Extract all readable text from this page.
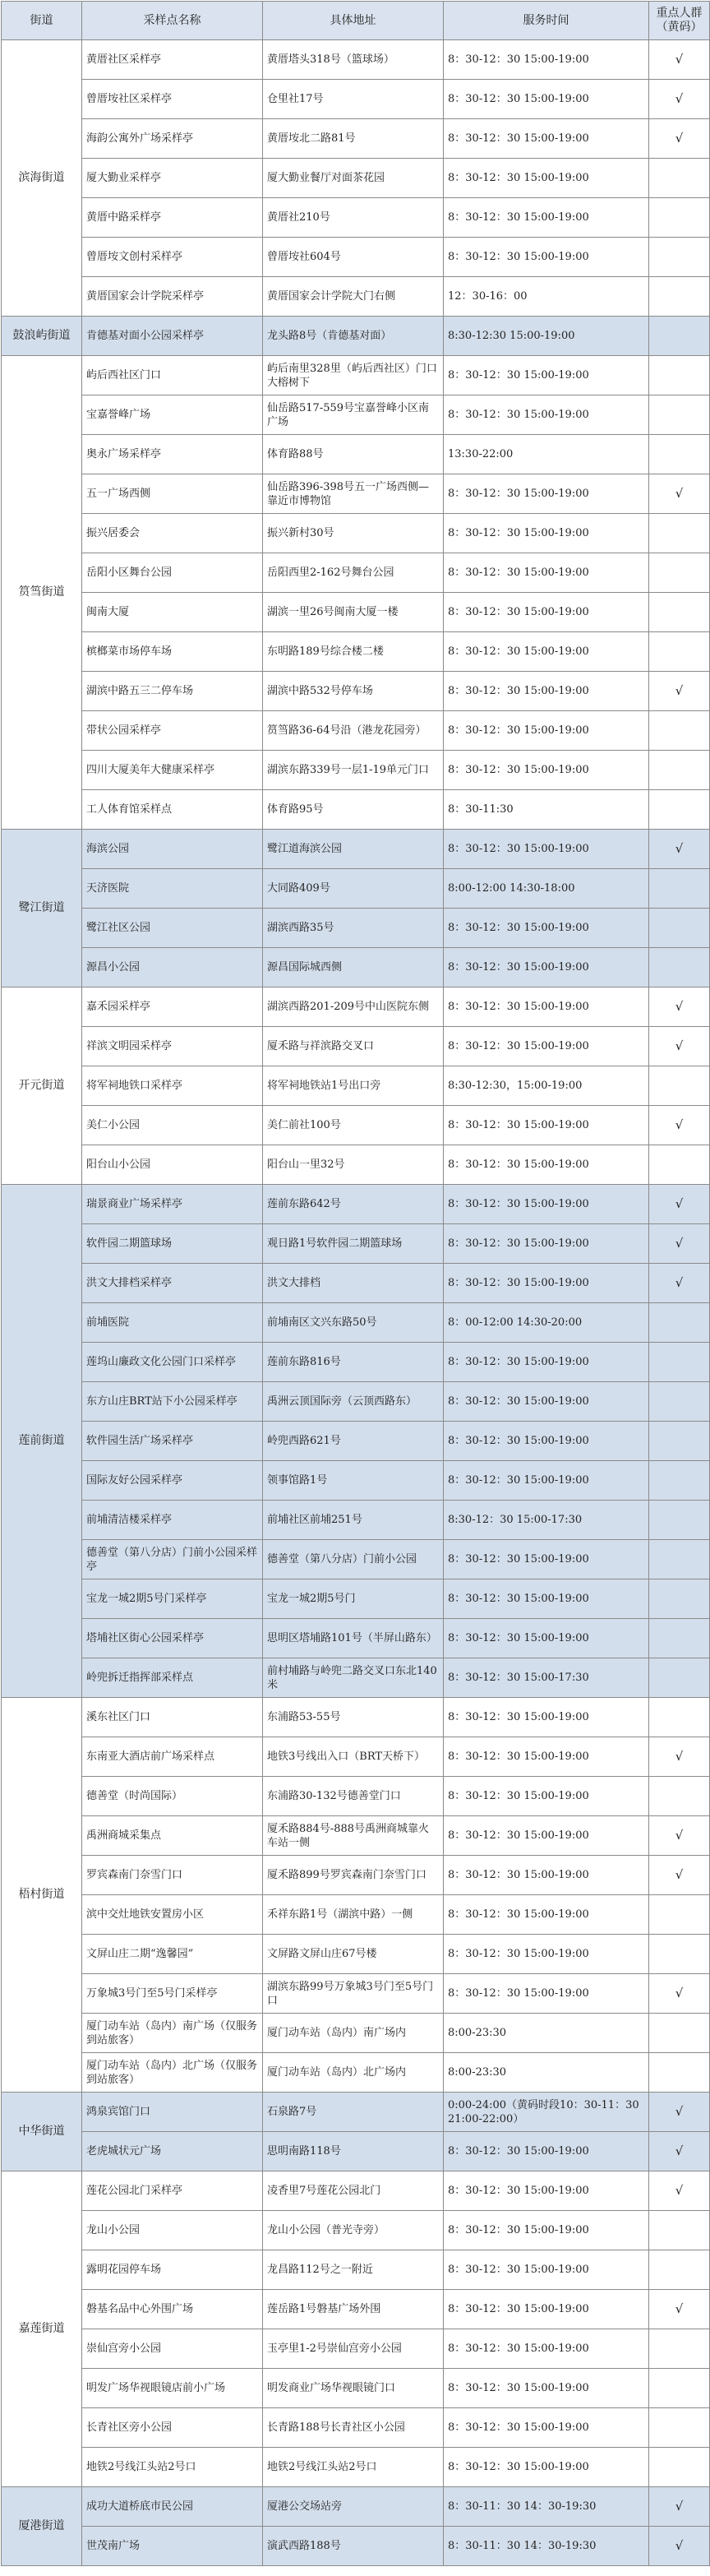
街道	采样点名称	具体地址	服务时间	重点人群（黄码）
滨海街道	黄厝社区采样亭	黄厝塔头318号（篮球场）	8：30-12：30 15:00-19:00	√
	曾厝垵社区采样亭	仓里社17号	8：30-12：30 15:00-19:00	√
	海韵公寓外广场采样亭	黄厝垵北二路81号	8：30-12：30 15:00-19:00	√
	厦大勤业采样亭	厦大勤业餐厅对面茶花园	8：30-12：30 15:00-19:00	
	黄厝中路采样亭	黄厝社210号	8：30-12：30 15:00-19:00	
	曾厝垵文创村采样亭	曾厝垵社604号	8：30-12：30 15:00-19:00	
	黄厝国家会计学院采样亭	黄厝国家会计学院大门右侧	12：30-16：00	
鼓浪屿街道	肯德基对面小公园采样亭	龙头路8号（肯德基对面）	8:30-12:30 15:00-19:00	
筼筜街道	屿后西社区门口	屿后南里328里（屿后西社区）门口大榕树下	8：30-12：30 15:00-19:00	
	宝嘉誉峰广场	仙岳路517-559号宝嘉誉峰小区南广场	8：30-12：30 15:00-19:00	
	奥永广场采样亭	体育路88号	13:30-22:00	
	五一广场西侧	仙岳路396-398号五一广场西侧—靠近市博物馆	8：30-12：30 15:00-19:00	√
	振兴居委会	振兴新村30号	8：30-12：30 15:00-19:00	
	岳阳小区舞台公园	岳阳西里2-162号舞台公园	8：30-12：30 15:00-19:00	
	闽南大厦	湖滨一里26号闽南大厦一楼	8：30-12：30 15:00-19:00	
	槟榔菜市场停车场	东明路189号综合楼二楼	8：30-12：30 15:00-19:00	
	湖滨中路五三二停车场	湖滨中路532号停车场	8：30-12：30 15:00-19:00	√
	带状公园采样亭	筼筜路36-64号沿（港龙花园旁）	8：30-12：30 15:00-19:00	
	四川大厦美年大健康采样亭	湖滨东路339号一层1-19单元门口	8：30-12：30 15:00-19:00	
	工人体育馆采样点	体育路95号	8：30-11:30	
鹭江街道	海滨公园	鹭江道海滨公园	8：30-12：30 15:00-19:00	√
	天济医院	大同路409号	8:00-12:00 14:30-18:00	
	鹭江社区公园	湖滨西路35号	8：30-12：30 15:00-19:00	
	源昌小公园	源昌国际城西侧	8：30-12：30 15:00-19:00	
开元街道	嘉禾园采样亭	湖滨西路201-209号中山医院东侧	8：30-12：30 15:00-19:00	√
	祥滨文明园采样亭	厦禾路与祥滨路交叉口	8：30-12：30 15:00-19:00	√
	将军祠地铁口采样亭	将军祠地铁站1号出口旁	8:30-12:30，15:00-19:00	
	美仁小公园	美仁前社100号	8：30-12：30 15:00-19:00	√
	阳台山小公园	阳台山一里32号	8：30-12：30 15:00-19:00	
莲前街道	瑞景商业广场采样亭	莲前东路642号	8：30-12：30 15:00-19:00	√
	软件园二期篮球场	观日路1号软件园二期篮球场	8：30-12：30 15:00-19:00	√
	洪文大排档采样亭	洪文大排档	8：30-12：30 15:00-19:00	√
	前埔医院	前埔南区文兴东路50号	8：00-12:00 14:30-20:00	
	莲坞山廉政文化公园门口采样亭	莲前东路816号	8：30-12：30 15:00-19:00	
	东方山庄BRT站下小公园采样亭	禹洲云顶国际旁（云顶西路东）	8：30-12：30 15:00-19:00	
	软件园生活广场采样亭	岭兜西路621号	8：30-12：30 15:00-19:00	
	国际友好公园采样亭	领事馆路1号	8：30-12：30 15:00-19:00	
	前埔清洁楼采样亭	前埔社区前埔251号	8:30-12：30 15:00-17:30	
	德善堂（第八分店）门前小公园采样亭	德善堂（第八分店）门前小公园	8：30-12：30 15:00-19:00	
	宝龙一城2期5号门采样亭	宝龙一城2期5号门	8：30-12：30 15:00-19:00	
	塔埔社区街心公园采样亭	思明区塔埔路101号（半屏山路东）	8：30-12：30 15:00-19:00	
	岭兜拆迁指挥部采样点	前村埔路与岭兜二路交叉口东北140米	8：30-12：30 15:00-17:30	
梧村街道	溪东社区门口	东浦路53-55号	8：30-12：30 15:00-19:00	
	东南亚大酒店前广场采样点	地铁3号线出入口（BRT天桥下）	8：30-12：30 15:00-19:00	√
	德善堂（时尚国际）	东浦路30-132号德善堂门口	8：30-12：30 15:00-19:00	
	禹洲商城采集点	厦禾路884号-888号禹洲商城靠火车站一侧	8：30-12：30 15:00-19:00	√
	罗宾森南门奈雪门口	厦禾路899号罗宾森南门奈雪门口	8：30-12：30 15:00-19:00	√
	滨中交灶地铁安置房小区	禾祥东路1号（湖滨中路）一侧	8：30-12：30 15:00-19:00	
	文屏山庄二期“逸馨园”	文屏路文屏山庄67号楼	8：30-12：30 15:00-19:00	
	万象城3号门至5号门采样亭	湖滨东路99号万象城3号门至5号门口	8：30-12：30 15:00-19:00	√
	厦门动车站（岛内）南广场（仅服务到站旅客）	厦门动车站（岛内）南广场内	8:00-23:30	
	厦门动车站（岛内）北广场（仅服务到站旅客）	厦门动车站（岛内）北广场内	8:00-23:30	
中华街道	鸿泉宾馆门口	石泉路7号	0:00-24:00（黄码时段10：30-11：30 21:00-22:00）	√
	老虎城状元广场	思明南路118号	8：30-12：30 15:00-19:00	√
嘉莲街道	莲花公园北门采样亭	凌香里7号莲花公园北门	8：30-12：30 15:00-19:00	√
	龙山小公园	龙山小公园（普光寺旁）	8：30-12：30 15:00-19:00	
	露明花园停车场	龙昌路112号之一附近	8：30-12：30 15:00-19:00	
	磐基名品中心外围广场	莲岳路1号磐基广场外围	8：30-12：30 15:00-19:00	√
	崇仙宫旁小公园	玉亭里1-2号崇仙宫旁小公园	8：30-12：30 15:00-19:00	
	明发广场华视眼镜店前小广场	明发商业广场华视眼镜门口	8：30-12：30 15:00-19:00	
	长青社区旁小公园	长青路188号长青社区小公园	8：30-12：30 15:00-19:00	
	地铁2号线江头站2号口	地铁2号线江头站2号口	8：30-12：30 15:00-19:00	
厦港街道	成功大道桥底市民公园	厦港公交场站旁	8：30-11：30 14：30-19:30	√
	世茂南广场	演武西路188号	8：30-11：30 14：30-19:30	√
